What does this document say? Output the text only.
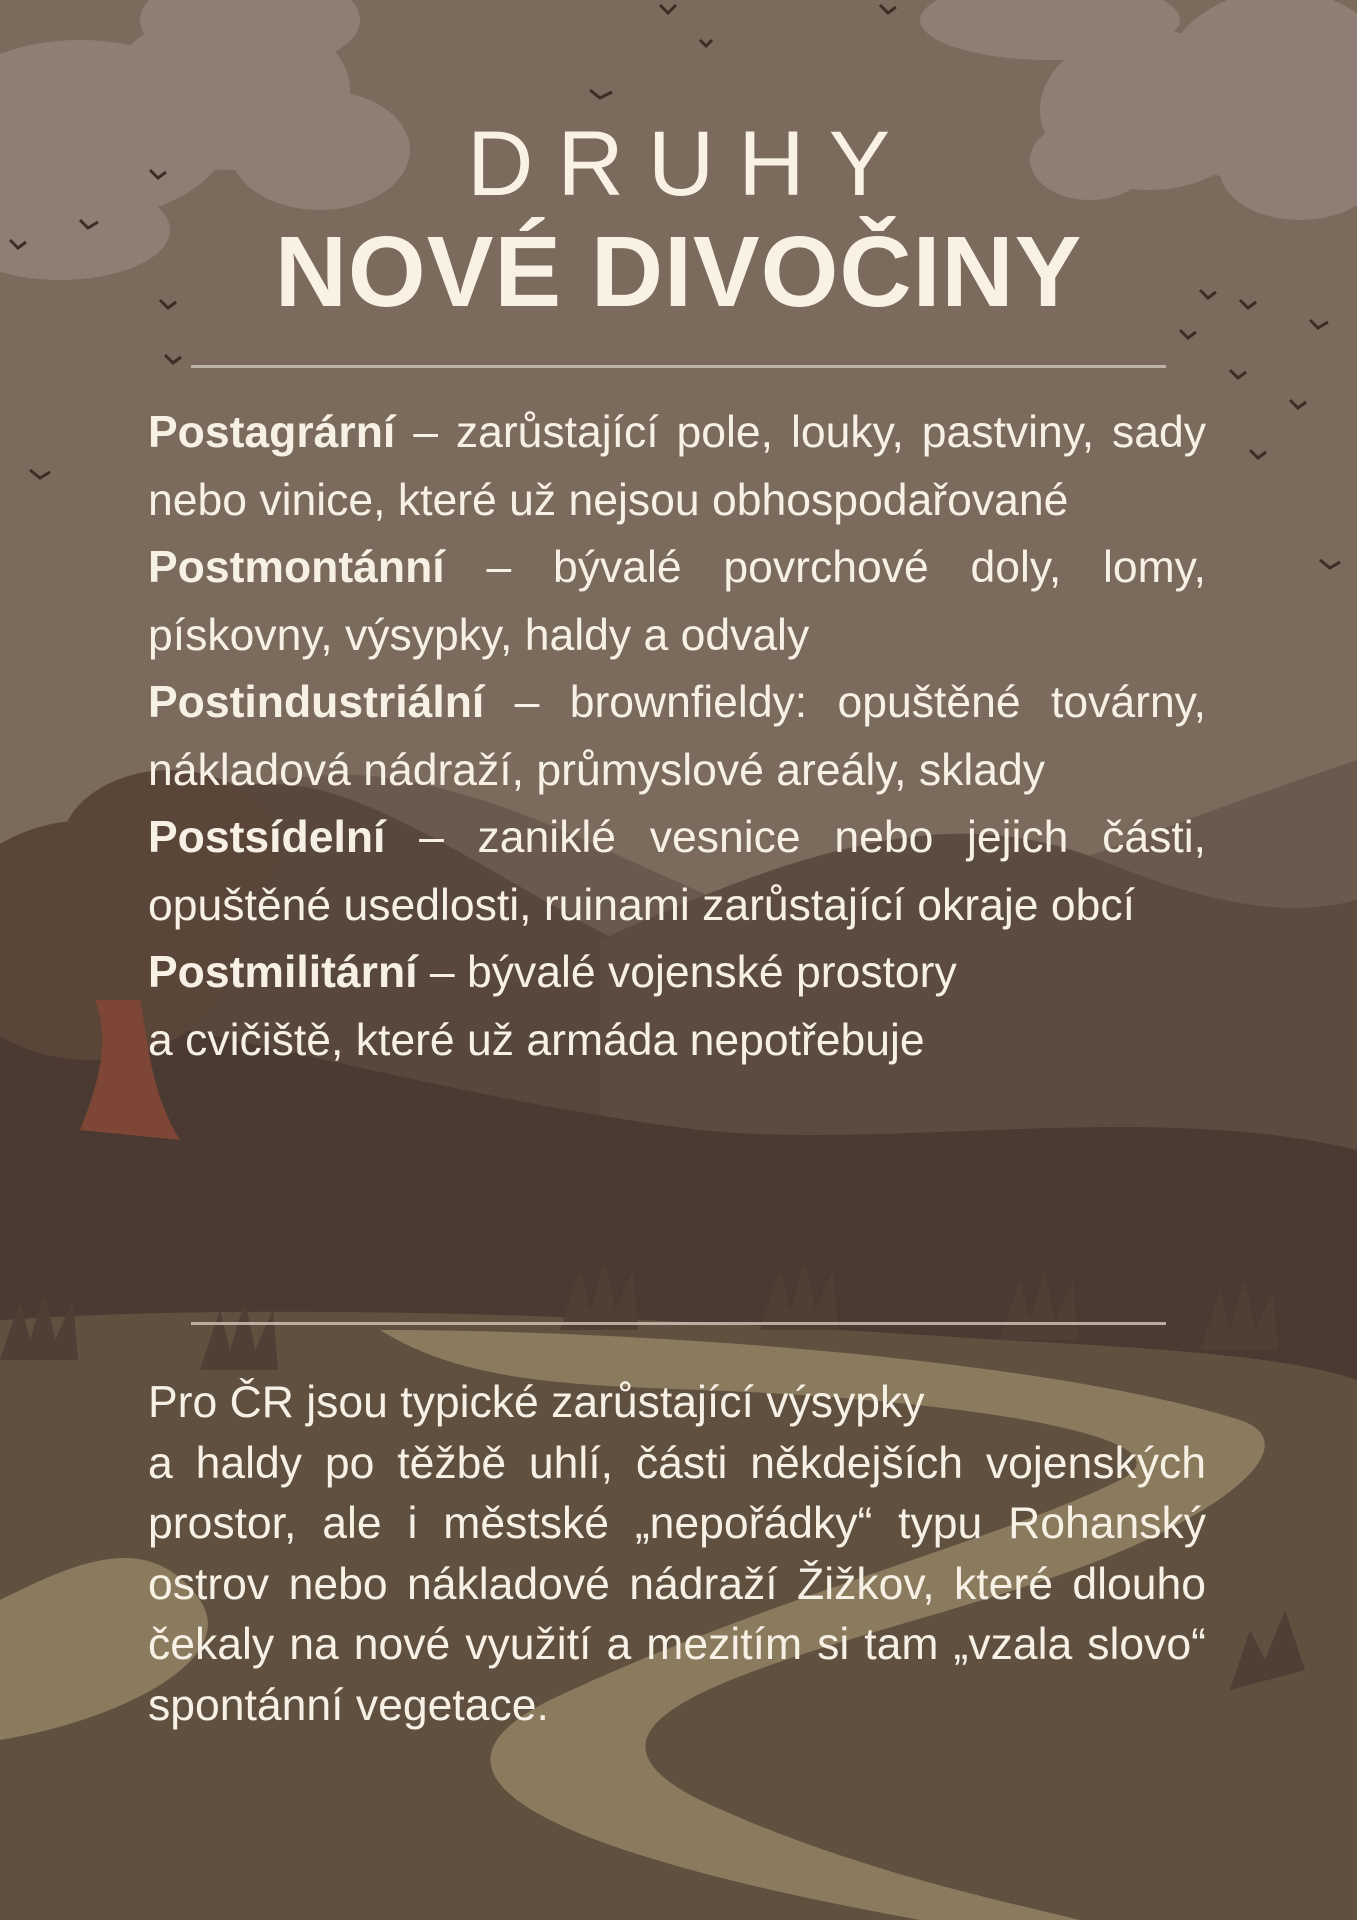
DRUHY
NOVÉ DIVOČINY
Postagrární – zarůstající pole, louky, pastviny, sady nebo vinice, které už nejsou obhospodařované
Postmontánní – bývalé povrchové doly, lomy, pískovny, výsypky, haldy a odvaly
Postindustriální – brownfieldy: opuštěné továrny, nákladová nádraží, průmyslové areály, sklady
Postsídelní – zaniklé vesnice nebo jejich části, opuštěné usedlosti, ruinami zarůstající okraje obcí
Postmilitární – bývalé vojenské prostory
a cvičiště, které už armáda nepotřebuje

Pro ČR jsou typické zarůstající výsypky
a haldy po těžbě uhlí, části někdejších vojenských prostor, ale i městské „nepořádky“ typu Rohanský ostrov nebo nákladové nádraží Žižkov, které dlouho čekaly na nové využití a mezitím si tam „vzala slovo“ spontánní vegetace.
